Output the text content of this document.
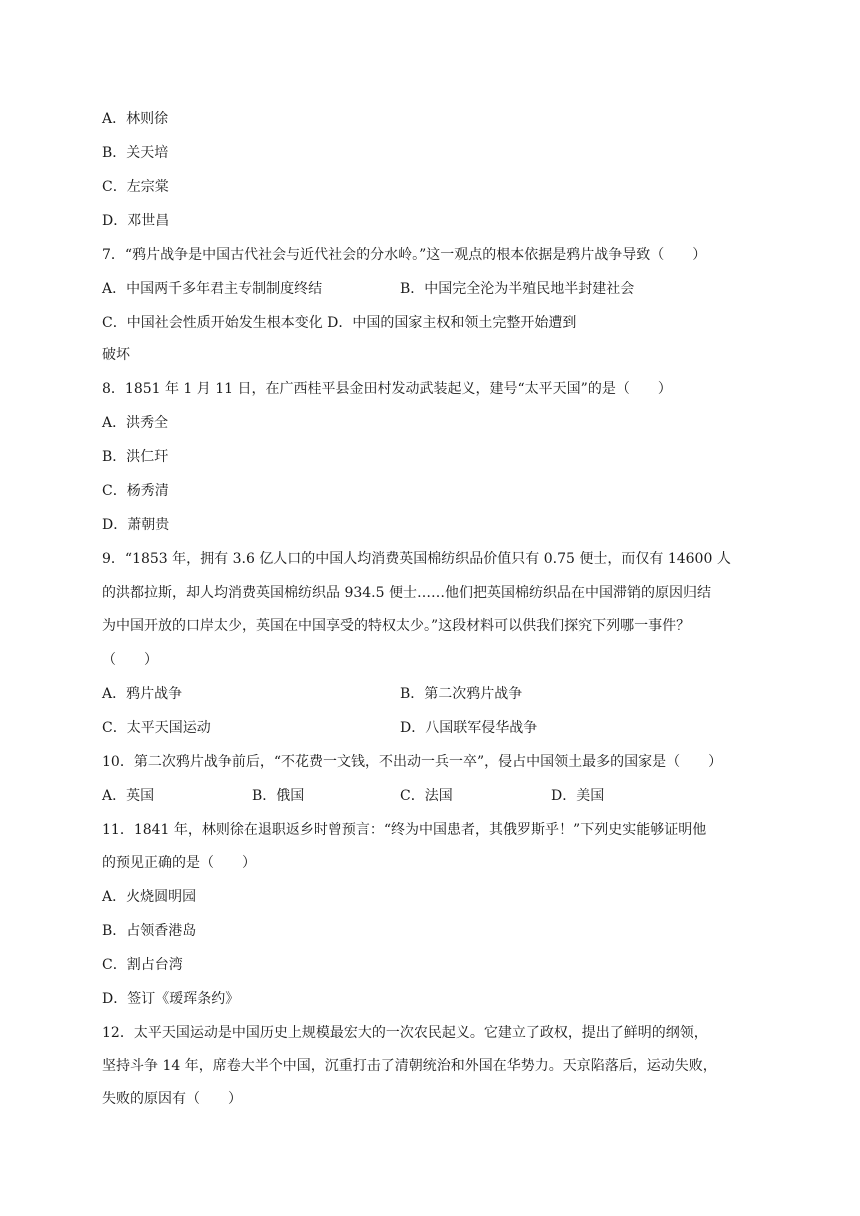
A．林则徐
B．关天培
C．左宗棠
D．邓世昌
7．“鸦片战争是中国古代社会与近代社会的分水岭。”这一观点的根本依据是鸦片战争导致（　　）
A．中国两千多年君主专制制度终结	B．中国完全沦为半殖民地半封建社会
C．中国社会性质开始发生根本变化 D．中国的国家主权和领土完整开始遭到
破坏
8．1851 年 1 月 11 日，在广西桂平县金田村发动武装起义，建号“太平天国”的是（　　）
A．洪秀全
B．洪仁玕
C．杨秀清
D．萧朝贵
9．“1853 年，拥有 3.6 亿人口的中国人均消费英国棉纺织品价值只有 0.75 便士，而仅有 14600 人
的洪都拉斯，却人均消费英国棉纺织品 934.5 便士……他们把英国棉纺织品在中国滞销的原因归结
为中国开放的口岸太少，英国在中国享受的特权太少。”这段材料可以供我们探究下列哪一事件？
（　　）
A．鸦片战争	B．第二次鸦片战争
C．太平天国运动	D．八国联军侵华战争
10．第二次鸦片战争前后，“不花费一文钱，不出动一兵一卒”，侵占中国领土最多的国家是（　　）
A．英国	B．俄国	C．法国	D．美国
11．1841 年，林则徐在退职返乡时曾预言：“终为中国患者，其俄罗斯乎！”下列史实能够证明他
的预见正确的是（　　）
A．火烧圆明园
B．占领香港岛
C．割占台湾
D．签订《瑷珲条约》
12．太平天国运动是中国历史上规模最宏大的一次农民起义。它建立了政权，提出了鲜明的纲领，
坚持斗争 14 年，席卷大半个中国，沉重打击了清朝统治和外国在华势力。天京陷落后，运动失败，
失败的原因有（　　）
